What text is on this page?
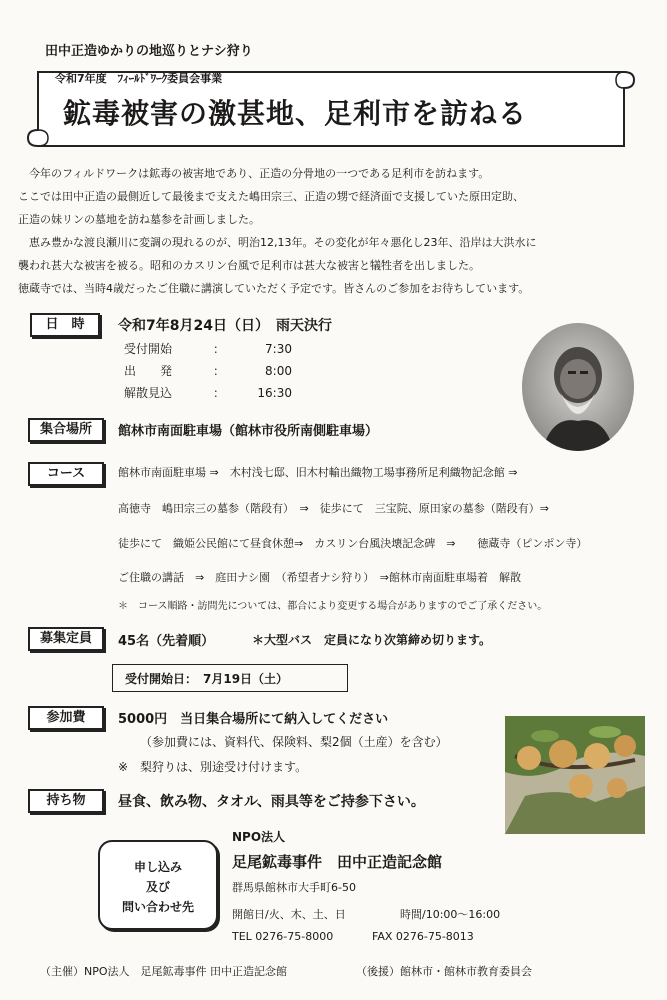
田中正造ゆかりの地巡りとナシ狩り
令和7年度　ﾌｨｰﾙﾄﾞﾜｰｸ委員会事業
鉱毒被害の激甚地、足利市を訪ねる

　今年のフィルドワークは鉱毒の被害地であり、正造の分骨地の一つである足利市を訪ねます。

ここでは田中正造の最側近して最後まで支えた嶋田宗三、正造の甥で経済面で支援していた原田定助、

正造の妹リンの墓地を訪ね墓参を計画しました。

　恵み豊かな渡良瀬川に変調の現れるのが、明治12,13年。その変化が年々悪化し23年、沿岸は大洪水に

襲われ甚大な被害を被る。昭和のカスリン台風で足利市は甚大な被害と犠牲者を出しました。

徳蔵寺では、当時4歳だったご住職に講演していただく予定です。皆さんのご参加をお待ちしています。

日　時	令和7年8月24日（日）　雨天決行
受付開始	：	7:30
出　　発	：	8:00
解散見込	：	16:30
集合場所	館林市南面駐車場（館林市役所南側駐車場）
コース	館林市南面駐車場 ⇒　木村浅七邸、旧木村輸出織物工場事務所足利織物記念館 ⇒
高徳寺　嶋田宗三の墓参（階段有）　⇒　徒歩にて　三宝院、原田家の墓参（階段有）⇒
徒歩にて　織姫公民館にて昼食休憩⇒　カスリン台風決壊記念碑　⇒　　徳蔵寺（ピンポン寺）
ご住職の講話　⇒　庭田ナシ園　（希望者ナシ狩り）　⇒館林市南面駐車場着　解散
＊　コース順路・訪問先については、都合により変更する場合がありますのでご了承ください。
募集定員	45名（先着順）	＊大型バス　定員になり次第締め切ります。
受付開始日：　7月19日（土）
参加費	5000円　当日集合場所にて納入してください
（参加費には、資料代、保険料、梨2個（土産）を含む）
※　梨狩りは、別途受け付けます。
持ち物	昼食、飲み物、タオル、雨具等をご持参下さい。
申し込み
及び
問い合わせ先
NPO法人
足尾鉱毒事件　田中正造記念館
群馬県館林市大手町6-50
開館日/火、木、土、日	時間/10:00～16:00
TEL 0276-75-8000	FAX 0276-75-8013
（主催）NPO法人　足尾鉱毒事件 田中正造記念館	（後援）館林市・館林市教育委員会
